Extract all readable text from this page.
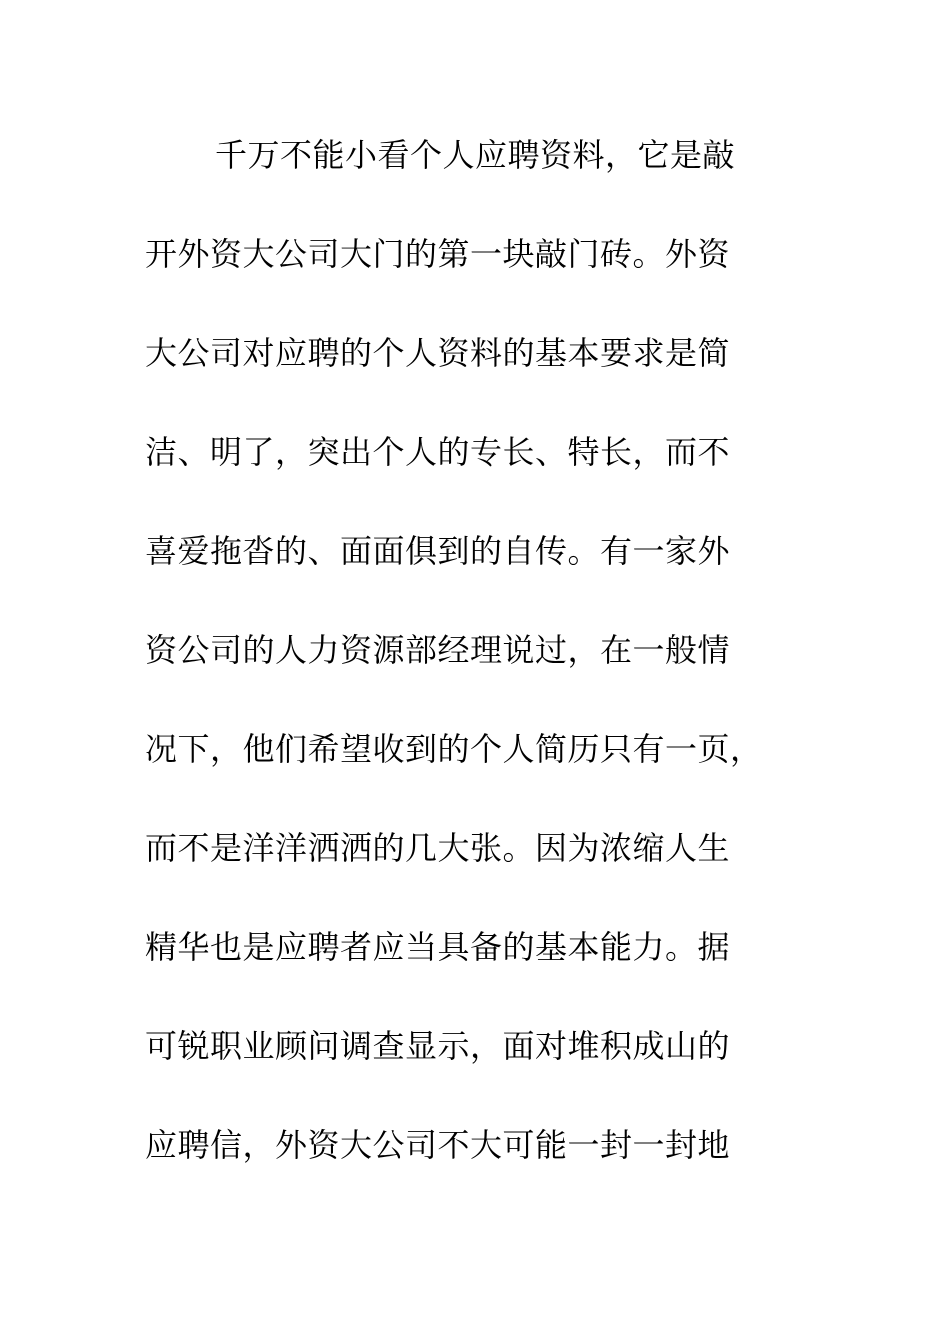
千万不能小看个人应聘资料，它是敲
开外资大公司大门的第一块敲门砖。外资
大公司对应聘的个人资料的基本要求是简
洁、明了，突出个人的专长、特长，而不
喜爱拖沓的、面面俱到的自传。有一家外
资公司的人力资源部经理说过，在一般情
况下，他们希望收到的个人简历只有一页，
而不是洋洋洒洒的几大张。因为浓缩人生
精华也是应聘者应当具备的基本能力。据
可锐职业顾问调查显示，面对堆积成山的
应聘信，外资大公司不大可能一封一封地
